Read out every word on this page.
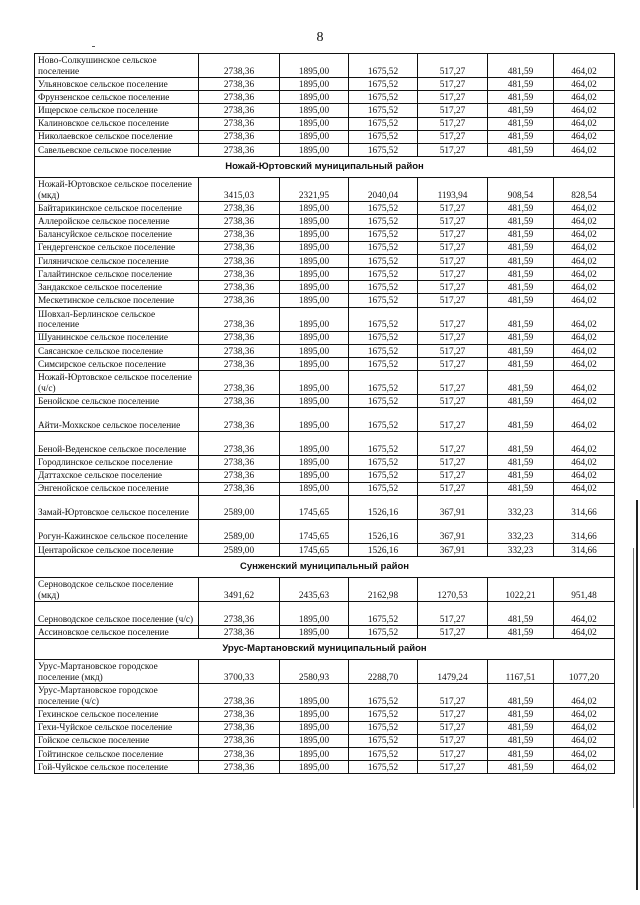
8
Ново-Солкушинское сельское поселение	2738,36	1895,00	1675,52	517,27	481,59	464,02
Ульяновское сельское поселение	2738,36	1895,00	1675,52	517,27	481,59	464,02
Фрунзенское сельское поселение	2738,36	1895,00	1675,52	517,27	481,59	464,02
Ищерское сельское поселение	2738,36	1895,00	1675,52	517,27	481,59	464,02
Калиновское сельское поселение	2738,36	1895,00	1675,52	517,27	481,59	464,02
Николаевское сельское поселение	2738,36	1895,00	1675,52	517,27	481,59	464,02
Савельевское сельское поселение	2738,36	1895,00	1675,52	517,27	481,59	464,02
Ножай-Юртовский муниципальный район						
Ножай-Юртовское сельское поселение (мкд)	3415,03	2321,95	2040,04	1193,94	908,54	828,54
Байтарикинское сельское поселение	2738,36	1895,00	1675,52	517,27	481,59	464,02
Аллеройское сельское поселение	2738,36	1895,00	1675,52	517,27	481,59	464,02
Балансуйское сельское поселение	2738,36	1895,00	1675,52	517,27	481,59	464,02
Гендергенское сельское поселение	2738,36	1895,00	1675,52	517,27	481,59	464,02
Гиляничское сельское поселение	2738,36	1895,00	1675,52	517,27	481,59	464,02
Галайтинское сельское поселение	2738,36	1895,00	1675,52	517,27	481,59	464,02
Зандакское сельское поселение	2738,36	1895,00	1675,52	517,27	481,59	464,02
Мескетинское сельское поселение	2738,36	1895,00	1675,52	517,27	481,59	464,02
Шовхал-Берлинское сельское поселение	2738,36	1895,00	1675,52	517,27	481,59	464,02
Шуанинское сельское поселение	2738,36	1895,00	1675,52	517,27	481,59	464,02
Саясанское сельское поселение	2738,36	1895,00	1675,52	517,27	481,59	464,02
Симсирское сельское поселение	2738,36	1895,00	1675,52	517,27	481,59	464,02
Ножай-Юртовское сельское поселение (ч/с)	2738,36	1895,00	1675,52	517,27	481,59	464,02
Бенойское сельское поселение	2738,36	1895,00	1675,52	517,27	481,59	464,02
Айти-Мохкское сельское поселение	2738,36	1895,00	1675,52	517,27	481,59	464,02
Беной-Веденское сельское поселение	2738,36	1895,00	1675,52	517,27	481,59	464,02
Городлинское сельское поселение	2738,36	1895,00	1675,52	517,27	481,59	464,02
Даттахское сельское поселение	2738,36	1895,00	1675,52	517,27	481,59	464,02
Энгенойское сельское поселение	2738,36	1895,00	1675,52	517,27	481,59	464,02
Замай-Юртовское сельское поселение	2589,00	1745,65	1526,16	367,91	332,23	314,66
Рогун-Кажинское сельское поселение	2589,00	1745,65	1526,16	367,91	332,23	314,66
Центаройское сельское поселение	2589,00	1745,65	1526,16	367,91	332,23	314,66
Сунженский муниципальный район						
Серноводское сельское поселение (мкд)	3491,62	2435,63	2162,98	1270,53	1022,21	951,48
Серноводское сельское поселение (ч/с)	2738,36	1895,00	1675,52	517,27	481,59	464,02
Ассиновское сельское поселение	2738,36	1895,00	1675,52	517,27	481,59	464,02
Урус-Мартановский муниципальный район						
Урус-Мартановское городское поселение (мкд)	3700,33	2580,93	2288,70	1479,24	1167,51	1077,20
Урус-Мартановское городское поселение (ч/с)	2738,36	1895,00	1675,52	517,27	481,59	464,02
Гехинское сельское поселение	2738,36	1895,00	1675,52	517,27	481,59	464,02
Гехи-Чуйское сельское поселение	2738,36	1895,00	1675,52	517,27	481,59	464,02
Гойское сельское поселение	2738,36	1895,00	1675,52	517,27	481,59	464,02
Гойтинское сельское поселение	2738,36	1895,00	1675,52	517,27	481,59	464,02
Гой-Чуйское сельское поселение	2738,36	1895,00	1675,52	517,27	481,59	464,02
